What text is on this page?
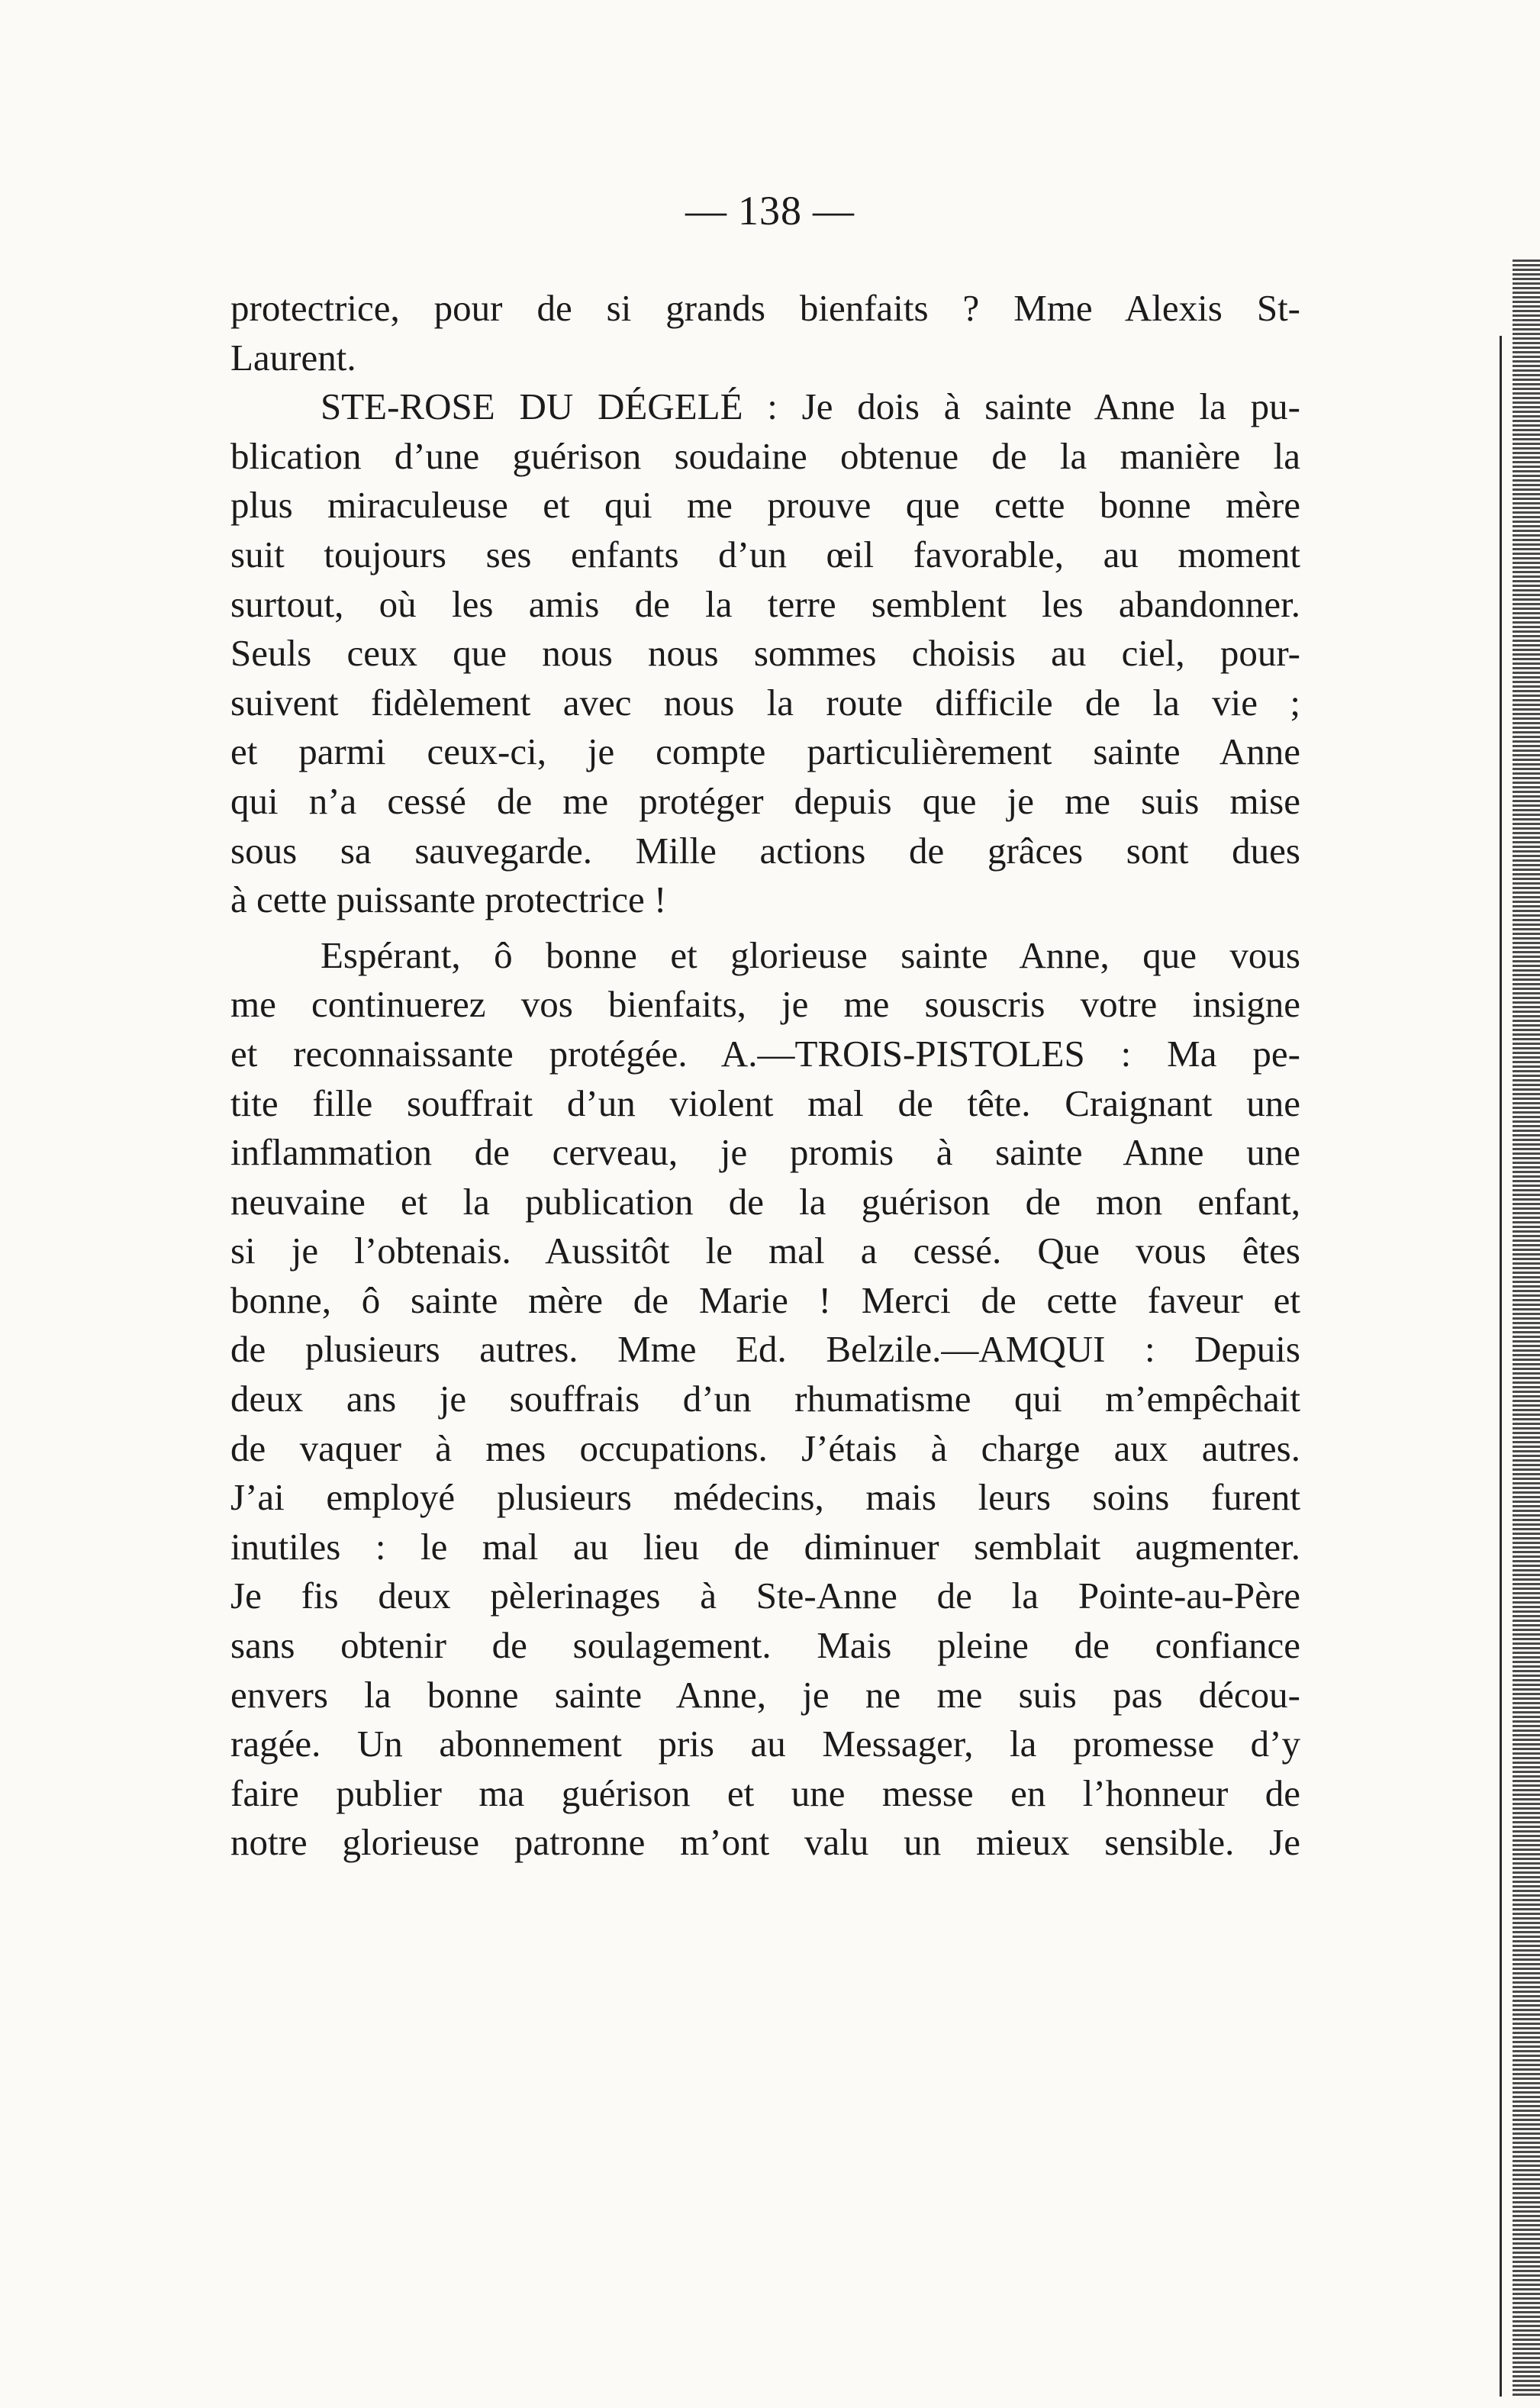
— 138 —
protectrice, pour de si grands bienfaits ? Mme Alexis St-
Laurent.
STE-ROSE DU DÉGELÉ : Je dois à sainte Anne la pu-
blication d’une guérison soudaine obtenue de la manière la
plus miraculeuse et qui me prouve que cette bonne mère
suit toujours ses enfants d’un œil favorable, au moment
surtout, où les amis de la terre semblent les abandonner.
Seuls ceux que nous nous sommes choisis au ciel, pour-
suivent fidèlement avec nous la route difficile de la vie ;
et parmi ceux-ci, je compte particulièrement sainte Anne
qui n’a cessé de me protéger depuis que je me suis mise
sous sa sauvegarde. Mille actions de grâces sont dues
à cette puissante protectrice !
Espérant, ô bonne et glorieuse sainte Anne, que vous
me continuerez vos bienfaits, je me souscris votre insigne
et reconnaissante protégée. A.—TROIS-PISTOLES : Ma pe-
tite fille souffrait d’un violent mal de tête. Craignant une
inflammation de cerveau, je promis à sainte Anne une
neuvaine et la publication de la guérison de mon enfant,
si je l’obtenais. Aussitôt le mal a cessé. Que vous êtes
bonne, ô sainte mère de Marie ! Merci de cette faveur et
de plusieurs autres. Mme Ed. Belzile.—AMQUI : Depuis
deux ans je souffrais d’un rhumatisme qui m’empêchait
de vaquer à mes occupations. J’étais à charge aux autres.
J’ai employé plusieurs médecins, mais leurs soins furent
inutiles : le mal au lieu de diminuer semblait augmenter.
Je fis deux pèlerinages à Ste-Anne de la Pointe-au-Père
sans obtenir de soulagement. Mais pleine de confiance
envers la bonne sainte Anne, je ne me suis pas décou-
ragée. Un abonnement pris au Messager, la promesse d’y
faire publier ma guérison et une messe en l’honneur de
notre glorieuse patronne m’ont valu un mieux sensible. Je
